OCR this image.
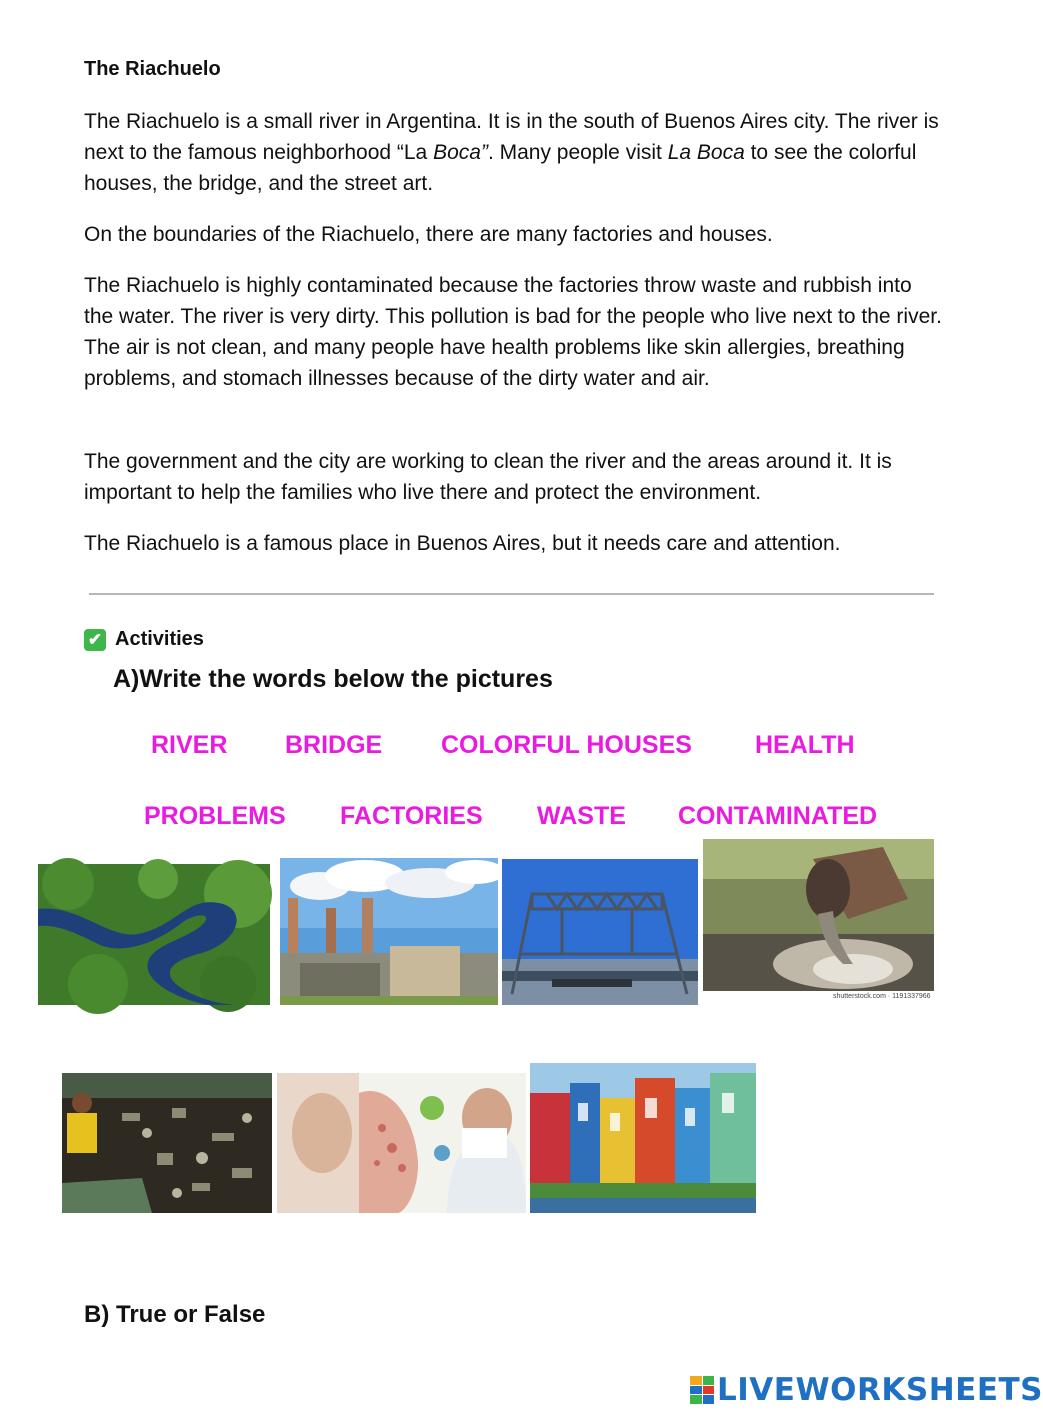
The Riachuelo
The Riachuelo is a small river in Argentina. It is in the south of Buenos Aires city. The river is next to the famous neighborhood “La Boca”. Many people visit La Boca to see the colorful houses, the bridge, and the street art.
On the boundaries of the Riachuelo, there are many factories and houses.
The Riachuelo is highly contaminated because the factories throw waste and rubbish into the water. The river is very dirty. This pollution is bad for the people who live next to the river. The air is not clean, and many people have health problems like skin allergies, breathing problems, and stomach illnesses because of the dirty water and air.
The government and the city are working to clean the river and the areas around it. It is important to help the families who live there and protect the environment.
The Riachuelo is a famous place in Buenos Aires, but it needs care and attention.
✔ Activities
A)Write the words below the pictures
RIVER BRIDGE COLORFUL HOUSES	HEALTH
PROBLEMS FACTORIES WASTE CONTAMINATED
shutterstock.com · 1191337966
B) True or False
LIVEWORKSHEETS
